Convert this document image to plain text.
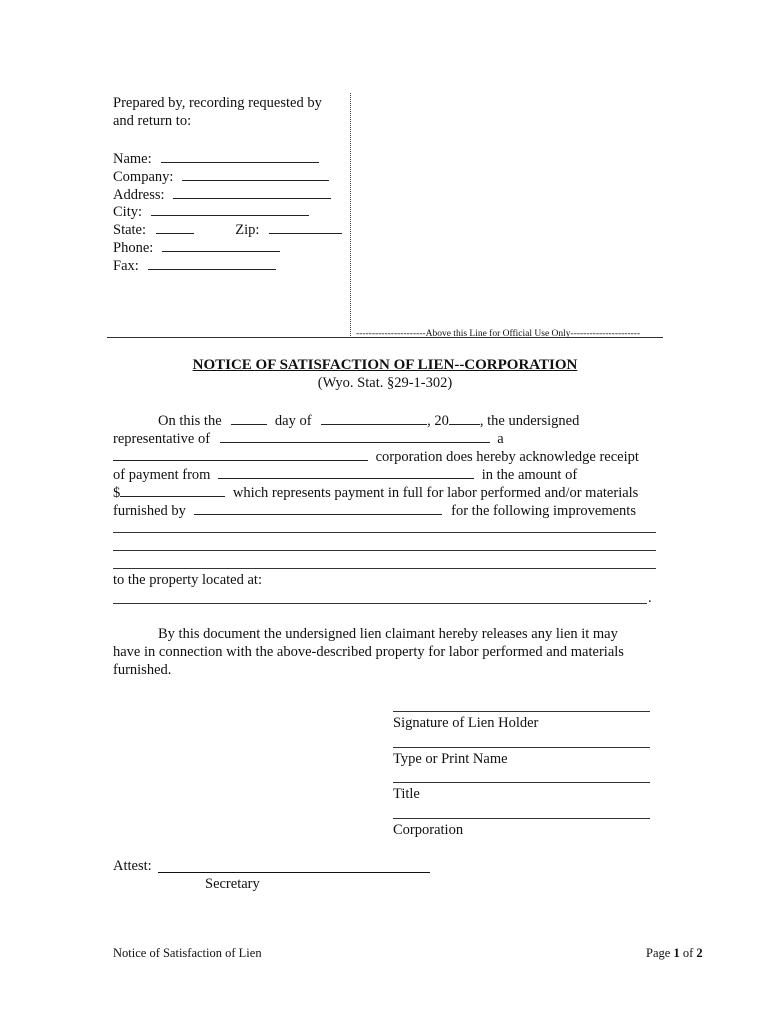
Prepared by, recording requested by
and return to:
Name:
Company:
Address:
City:
State:	Zip:
Phone:
Fax:
----------------------Above this Line for Official Use Only----------------------
NOTICE OF SATISFACTION OF LIEN--CORPORATION
(Wyo. Stat. §29-1-302)
On this the	day of	, 20 , the undersigned
representative of	a
corporation does hereby acknowledge receipt
of payment from	in the amount of
$	which represents payment in full for labor performed and/or materials
furnished by	for the following improvements
to the property located at:
.
By this document the undersigned lien claimant hereby releases any lien it may
have in connection with the above-described property for labor performed and materials
furnished.
Signature of Lien Holder
Type or Print Name
Title
Corporation
Attest:
Secretary
Notice of Satisfaction of Lien	Page 1 of 2
